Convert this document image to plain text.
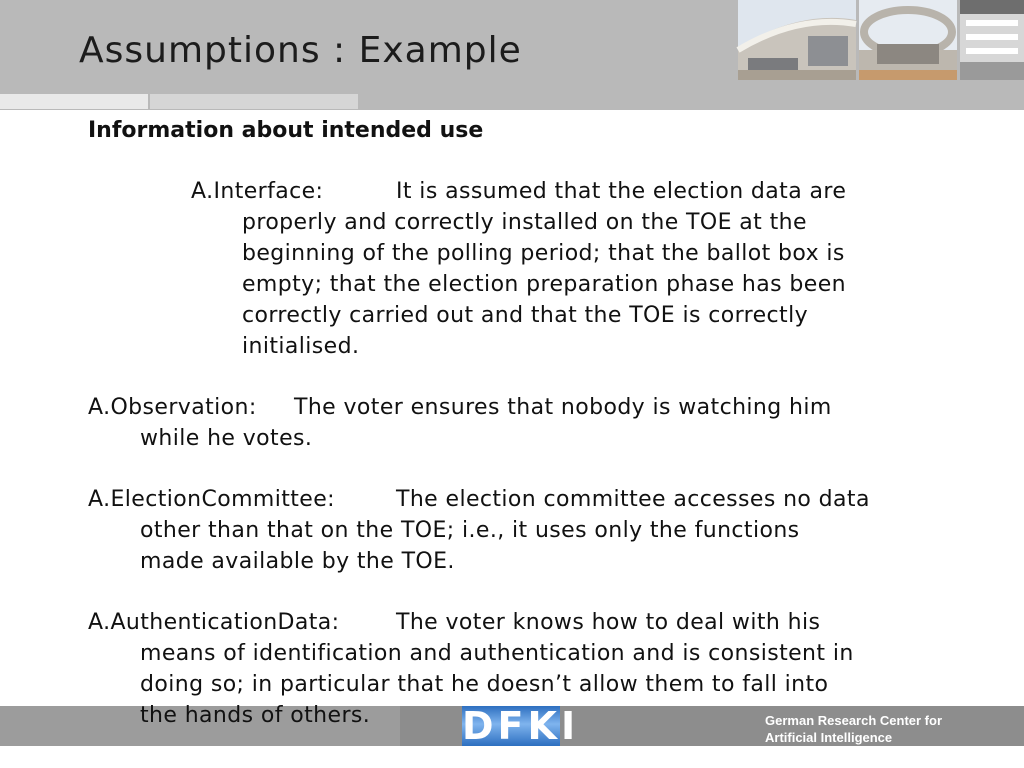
Assumptions : Example
Information about intended use
A.Interface:	It is assumed that the election data are
properly and correctly installed on the TOE at the
beginning of the polling period; that the ballot box is
empty; that the election preparation phase has been
correctly carried out and that the TOE is correctly
initialised.
A.Observation: The voter ensures that nobody is watching him
while he votes.
A.ElectionCommittee:	The election committee accesses no data
other than that on the TOE; i.e., it uses only the functions
made available by the TOE.
A.AuthenticationData:	The voter knows how to deal with his
means of identification and authentication and is consistent in
doing so; in particular that he doesn’t allow them to fall into
the hands of others. DFKI	German Research Center for
Artificial Intelligence
